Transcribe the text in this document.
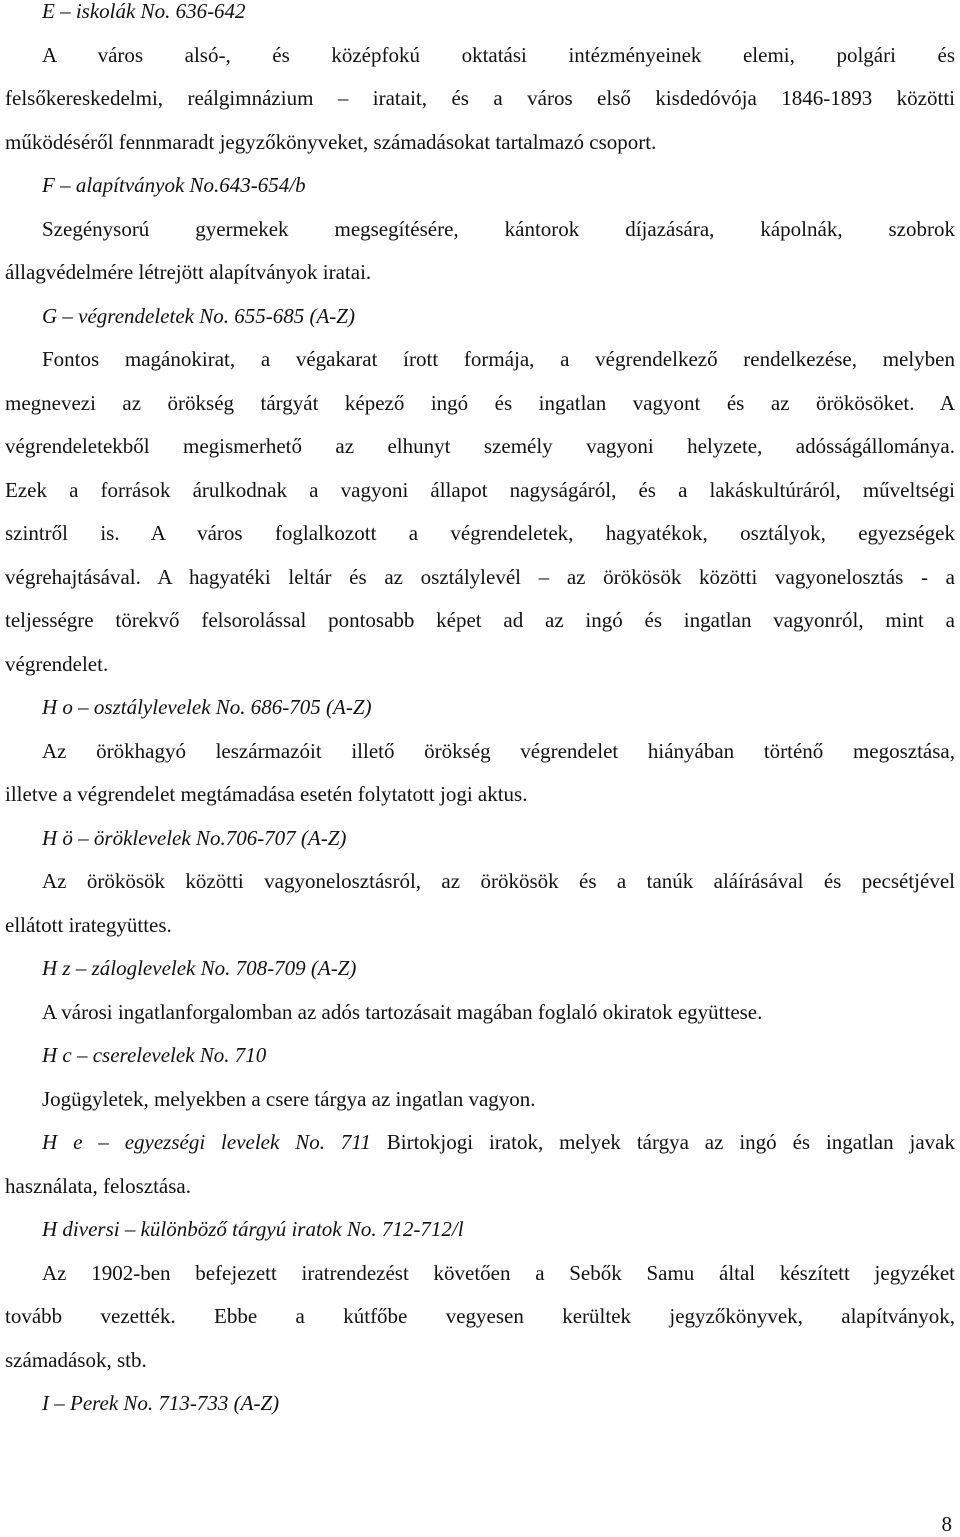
E – iskolák No. 636-642
A város alsó-, és középfokú oktatási intézményeinek elemi, polgári és
felsőkereskedelmi, reálgimnázium – iratait, és a város első kisdedóvója 1846-1893 közötti
működéséről fennmaradt jegyzőkönyveket, számadásokat tartalmazó csoport.
F – alapítványok No.643-654/b
Szegénysorú gyermekek megsegítésére, kántorok díjazására, kápolnák, szobrok
állagvédelmére létrejött alapítványok iratai.
G – végrendeletek No. 655-685 (A-Z)
Fontos magánokirat, a végakarat írott formája, a végrendelkező rendelkezése, melyben
megnevezi az örökség tárgyát képező ingó és ingatlan vagyont és az örökösöket. A
végrendeletekből megismerhető az elhunyt személy vagyoni helyzete, adósságállománya.
Ezek a források árulkodnak a vagyoni állapot nagyságáról, és a lakáskultúráról, műveltségi
szintről is. A város foglalkozott a végrendeletek, hagyatékok, osztályok, egyezségek
végrehajtásával. A hagyatéki leltár és az osztálylevél – az örökösök közötti vagyonelosztás - a
teljességre törekvő felsorolással pontosabb képet ad az ingó és ingatlan vagyonról, mint a
végrendelet.
H o – osztálylevelek No. 686-705 (A-Z)
Az örökhagyó leszármazóit illető örökség végrendelet hiányában történő megosztása,
illetve a végrendelet megtámadása esetén folytatott jogi aktus.
H ö – öröklevelek No.706-707 (A-Z)
Az örökösök közötti vagyonelosztásról, az örökösök és a tanúk aláírásával és pecsétjével
ellátott irategyüttes.
H z – záloglevelek No. 708-709 (A-Z)
A városi ingatlanforgalomban az adós tartozásait magában foglaló okiratok együttese.
H c – cserelevelek No. 710
Jogügyletek, melyekben a csere tárgya az ingatlan vagyon.
H e – egyezségi levelek No. 711 Birtokjogi iratok, melyek tárgya az ingó és ingatlan javak
használata, felosztása.
H diversi – különböző tárgyú iratok No. 712-712/l
Az 1902-ben befejezett iratrendezést követően a Sebők Samu által készített jegyzéket
tovább vezették. Ebbe a kútfőbe vegyesen kerültek jegyzőkönyvek, alapítványok,
számadások, stb.
I – Perek No. 713-733 (A-Z)
8
